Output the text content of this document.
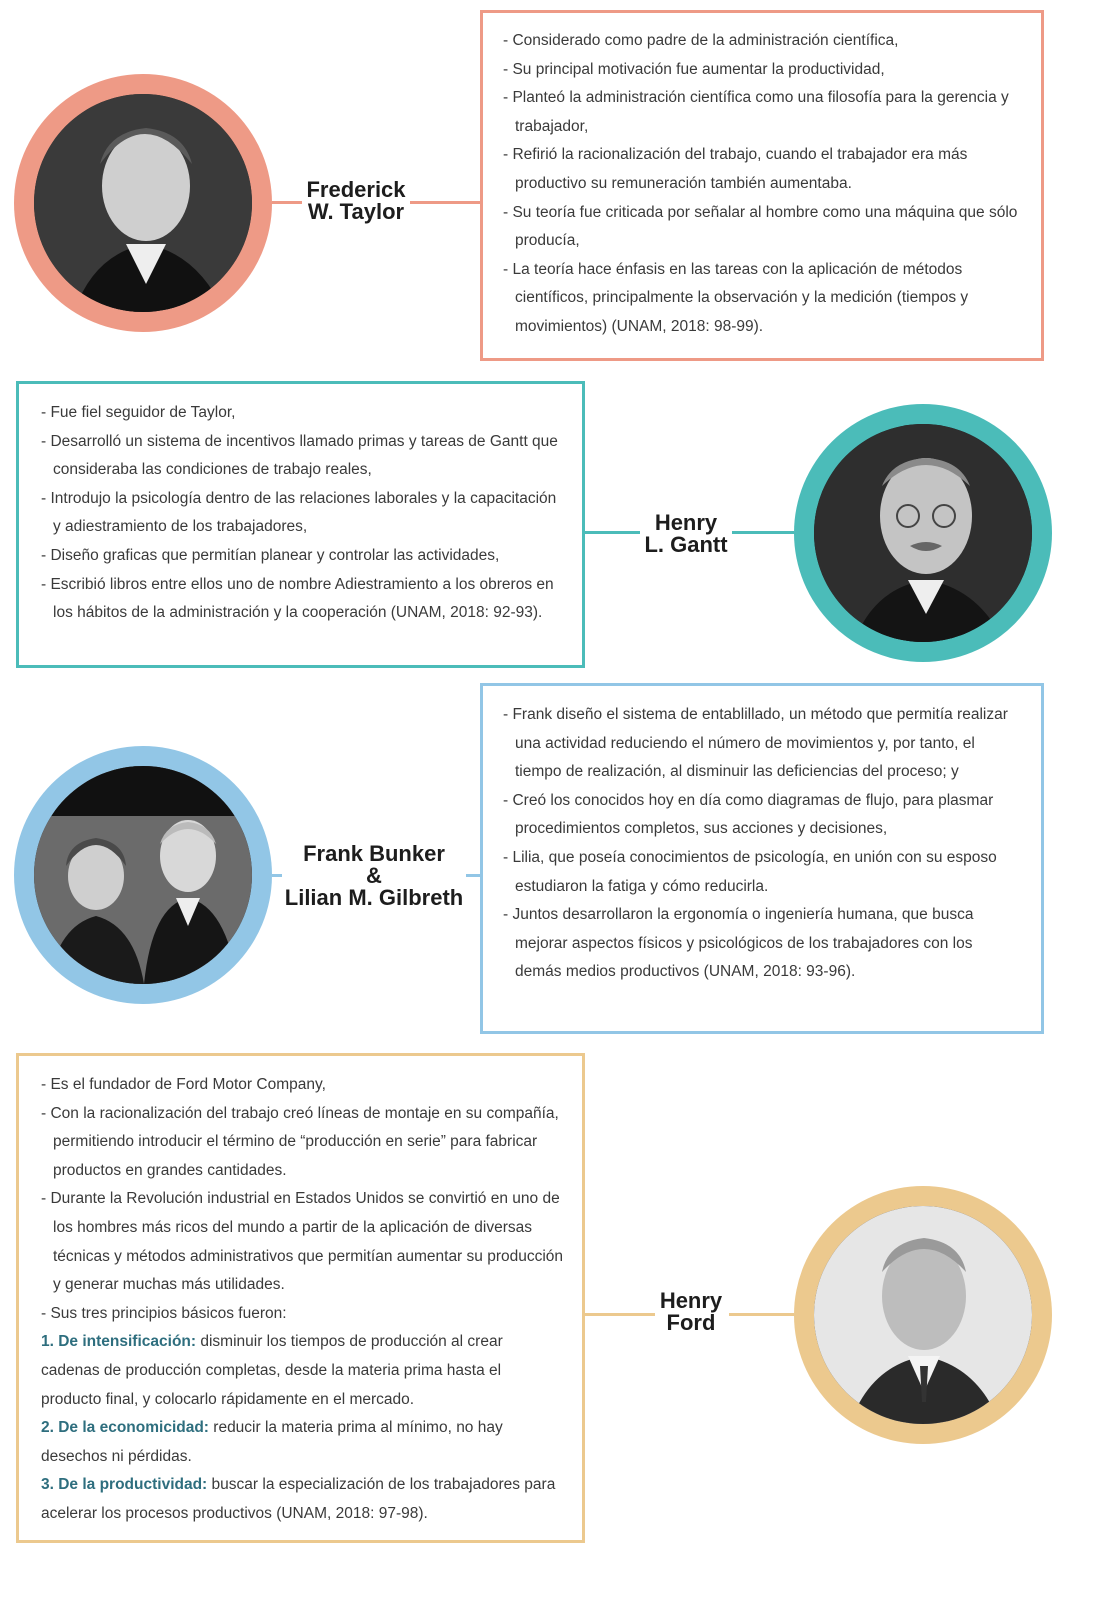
Frederick
W. Taylor
- Considerado como padre de la administración científica,
- Su principal motivación fue aumentar la productividad,
- Planteó la administración científica como una filosofía para la gerencia y trabajador,
- Refirió la racionalización del trabajo, cuando el trabajador era más productivo su remuneración también aumentaba.
- Su teoría fue criticada por señalar al hombre como una máquina que sólo producía,
- La teoría hace énfasis en las tareas con la aplicación de métodos científicos, principalmente la observación y la medición (tiempos y movimientos) (UNAM, 2018: 98-99).
- Fue fiel seguidor de Taylor,
- Desarrolló un sistema de incentivos llamado primas y tareas de Gantt que consideraba las condiciones de trabajo reales,
- Introdujo la psicología dentro de las relaciones laborales y la capacitación y adiestramiento de los trabajadores,
- Diseño graficas que permitían planear y controlar las actividades,
- Escribió libros entre ellos uno de nombre Adiestramiento a los obreros en los hábitos de la administración y la cooperación (UNAM, 2018: 92-93).
Henry
L. Gantt
Frank Bunker
&
Lilian M. Gilbreth
- Frank diseño el sistema de entablillado, un método que permitía realizar una actividad reduciendo el número de movimientos y, por tanto, el tiempo de realización, al disminuir las deficiencias del proceso; y
- Creó los conocidos hoy en día como diagramas de flujo, para plasmar procedimientos completos, sus acciones y decisiones,
- Lilia, que poseía conocimientos de psicología, en unión con su esposo estudiaron la fatiga y cómo reducirla.
- Juntos desarrollaron la ergonomía o ingeniería humana, que busca mejorar aspectos físicos y psicológicos de los trabajadores con los demás medios productivos (UNAM, 2018: 93-96).
- Es el fundador de Ford Motor Company,
- Con la racionalización del trabajo creó líneas de montaje en su compañía, permitiendo introducir el término de “producción en serie” para fabricar productos en grandes cantidades.
- Durante la Revolución industrial en Estados Unidos se convirtió en uno de los hombres más ricos del mundo a partir de la aplicación de diversas técnicas y métodos administrativos que permitían aumentar su producción y generar muchas más utilidades.
- Sus tres principios básicos fueron:
1. De intensificación: disminuir los tiempos de producción al crear cadenas de producción completas, desde la materia prima hasta el producto final, y colocarlo rápidamente en el mercado.
2. De la economicidad: reducir la materia prima al mínimo, no hay desechos ni pérdidas.
3. De la productividad: buscar la especialización de los trabajadores para acelerar los procesos productivos (UNAM, 2018: 97-98).
Henry
Ford
